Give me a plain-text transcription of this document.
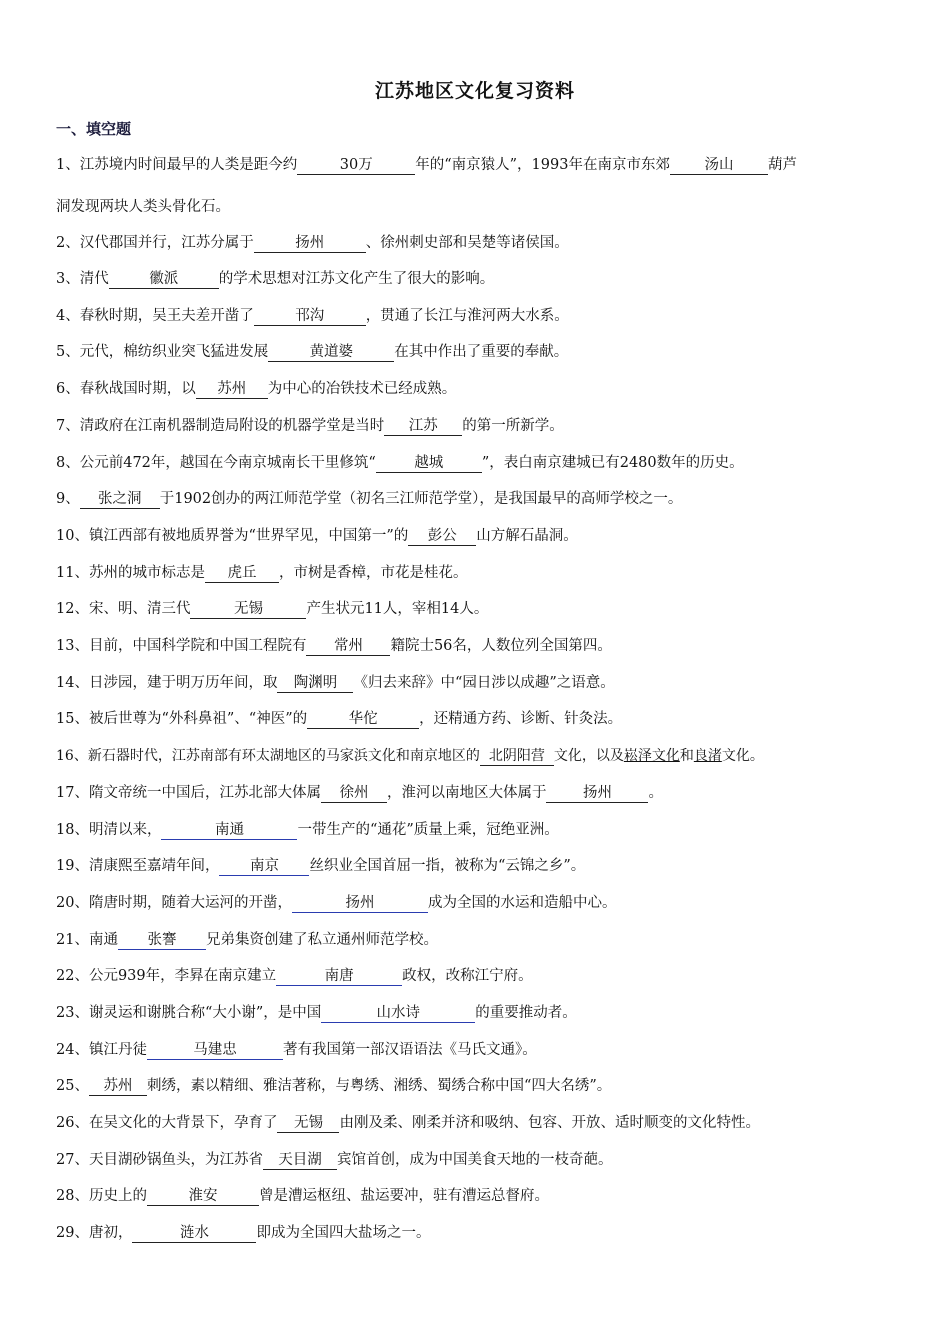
江苏地区文化复习资料
一、填空题
1、江苏境内时间最早的人类是距今约	30万	年的“南京猿人”，1993年在南京市东郊 汤山 葫芦
洞发现两块人类头骨化石。
2、汉代郡国并行，江苏分属于	扬州	、徐州刺史部和吴楚等诸侯国。
3、清代	徽派	的学术思想对江苏文化产生了很大的影响。
4、春秋时期，吴王夫差开凿了	邗沟	，贯通了长江与淮河两大水系。
5、元代，棉纺织业突飞猛进发展	黄道婆	在其中作出了重要的奉献。
6、春秋战国时期，以 苏州 为中心的冶铁技术已经成熟。
7、清政府在江南机器制造局附设的机器学堂是当时 江苏 的第一所新学。
8、公元前472年，越国在今南京城南长干里修筑“	越城	”，表白南京建城已有2480数年的历史。
9、 张之洞 于1902创办的两江师范学堂（初名三江师范学堂），是我国最早的高师学校之一。
10、镇江西部有被地质界誉为“世界罕见，中国第一”的 彭公 山方解石晶洞。
11、苏州的城市标志是 虎丘 ，市树是香樟，市花是桂花。
12、宋、明、清三代	无锡	产生状元11人，宰相14人。
13、目前，中国科学院和中国工程院有 常州 籍院士56名，人数位列全国第四。
14、日涉园，建于明万历年间，取 陶渊明 《归去来辞》中“园日涉以成趣”之语意。
15、被后世尊为“外科鼻祖”、“神医”的	华佗	，还精通方药、诊断、针灸法。
16、新石器时代，江苏南部有环太湖地区的马家浜文化和南京地区的 北阴阳营 文化，以及崧泽文化和良渚文化。
17、隋文帝统一中国后，江苏北部大体属 徐州 ，淮河以南地区大体属于	扬州	。
18、明清以来，	南通	一带生产的“通花”质量上乘，冠绝亚洲。
19、清康熙至嘉靖年间， 南京 丝织业全国首屈一指，被称为“云锦之乡”。
20、隋唐时期，随着大运河的开凿，	扬州	成为全国的水运和造船中心。
21、南通 张謇 兄弟集资创建了私立通州师范学校。
22、公元939年，李昪在南京建立	南唐	政权，改称江宁府。
23、谢灵运和谢朓合称“大小谢”，是中国	山水诗	的重要推动者。
24、镇江丹徒	马建忠	著有我国第一部汉语语法《马氏文通》。
25、 苏州 刺绣，素以精细、雅洁著称，与粤绣、湘绣、蜀绣合称中国“四大名绣”。
26、在吴文化的大背景下，孕育了 无锡 由刚及柔、刚柔并济和吸纳、包容、开放、适时顺变的文化特性。
27、天目湖砂锅鱼头，为江苏省 天目湖 宾馆首创，成为中国美食天地的一枝奇葩。
28、历史上的	淮安	曾是漕运枢纽、盐运要冲，驻有漕运总督府。
29、唐初，	涟水	即成为全国四大盐场之一。
